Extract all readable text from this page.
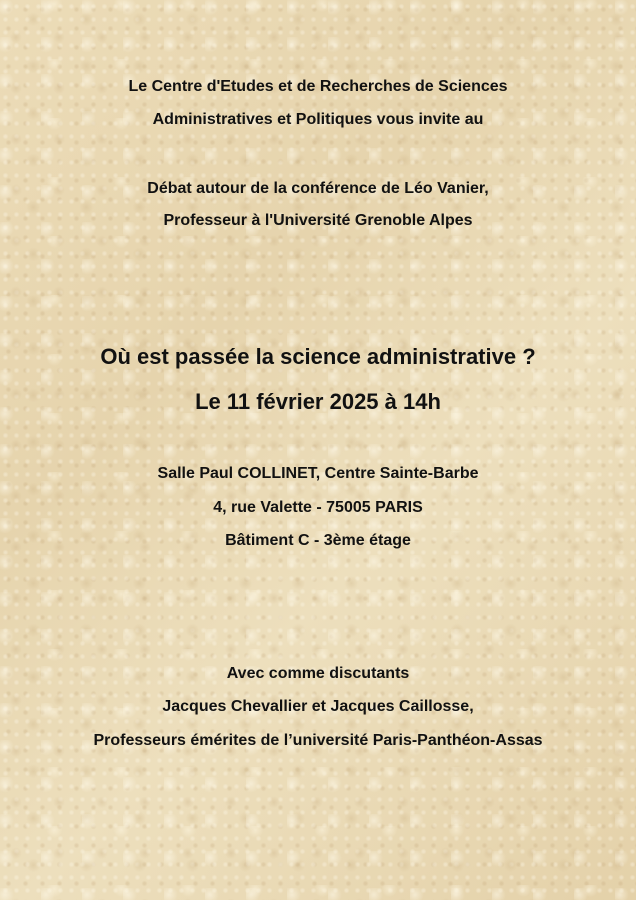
Le Centre d'Etudes et de Recherches de Sciences

Administratives et Politiques vous invite au

Débat autour de la conférence de Léo Vanier,

Professeur à l'Université Grenoble Alpes

Où est passée la science administrative ?

Le 11 février 2025 à 14h

Salle Paul COLLINET, Centre Sainte-Barbe

4, rue Valette - 75005 PARIS

Bâtiment C - 3ème étage

Avec comme discutants

Jacques Chevallier et Jacques Caillosse,

Professeurs émérites de l’université Paris-Panthéon-Assas
